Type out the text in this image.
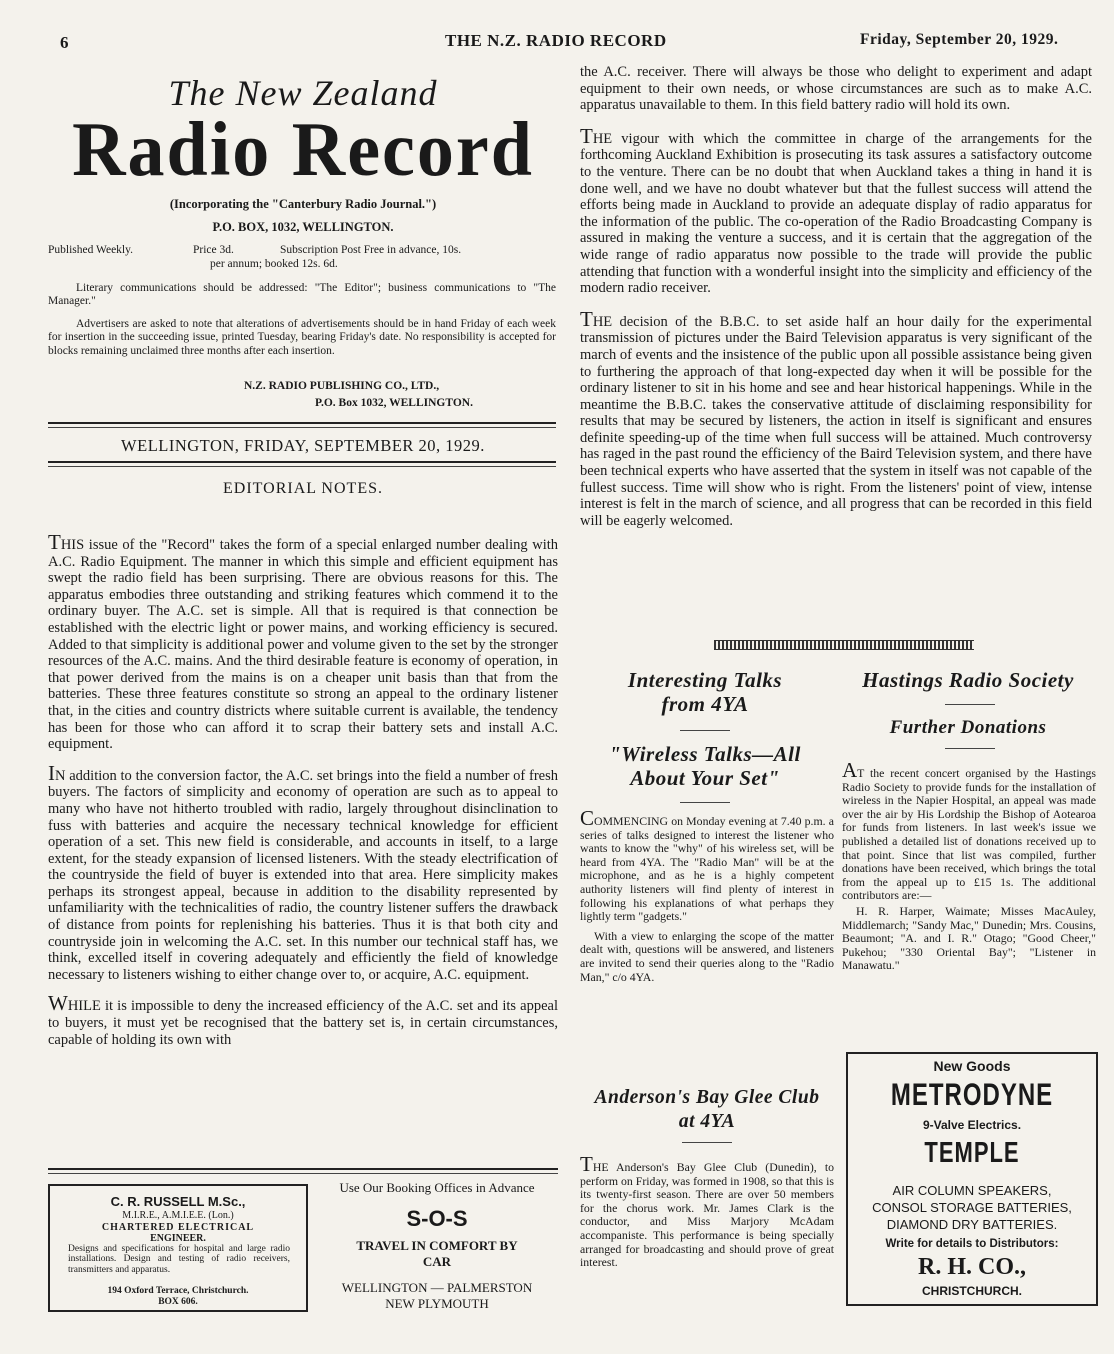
6	THE N.Z. RADIO RECORD	Friday, September 20, 1929.
The New Zealand
Radio Record
(Incorporating the "Canterbury Radio Journal.")
P.O. BOX, 1032, WELLINGTON.
Published Weekly.	Price 3d.	Subscription Post Free in advance, 10s.
per annum; booked 12s. 6d.
Literary communications should be addressed: "The Editor"; business communications to "The Manager."
Advertisers are asked to note that alterations of advertisements should be in hand Friday of each week for insertion in the succeeding issue, printed Tuesday, bearing Friday's date. No responsibility is accepted for blocks remaining unclaimed three months after each insertion.
N.Z. RADIO PUBLISHING CO., LTD.,
P.O. Box 1032, WELLINGTON.
WELLINGTON, FRIDAY, SEPTEMBER 20, 1929.
EDITORIAL NOTES.

THIS issue of the "Record" takes the form of a special enlarged number dealing with A.C. Radio Equipment. The manner in which this simple and efficient equipment has swept the radio field has been surprising. There are obvious reasons for this. The apparatus embodies three outstanding and striking features which commend it to the ordinary buyer. The A.C. set is simple. All that is required is that connection be established with the electric light or power mains, and working efficiency is secured. Added to that simplicity is additional power and volume given to the set by the stronger resources of the A.C. mains. And the third desirable feature is economy of operation, in that power derived from the mains is on a cheaper unit basis than that from the batteries. These three features constitute so strong an appeal to the ordinary listener that, in the cities and country districts where suitable current is available, the tendency has been for those who can afford it to scrap their battery sets and install A.C. equipment.

IN addition to the conversion factor, the A.C. set brings into the field a number of fresh buyers. The factors of simplicity and economy of operation are such as to appeal to many who have not hitherto troubled with radio, largely throughout disinclination to fuss with batteries and acquire the necessary technical knowledge for efficient operation of a set. This new field is considerable, and accounts in itself, to a large extent, for the steady expansion of licensed listeners. With the steady electrification of the countryside the field of buyer is extended into that area. Here simplicity makes perhaps its strongest appeal, because in addition to the disability represented by unfamiliarity with the technicalities of radio, the country listener suffers the drawback of distance from points for replenishing his batteries. Thus it is that both city and countryside join in welcoming the A.C. set. In this number our technical staff has, we think, excelled itself in covering adequately and efficiently the field of knowledge necessary to listeners wishing to either change over to, or acquire, A.C. equipment.

WHILE it is impossible to deny the increased efficiency of the A.C. set and its appeal to buyers, it must yet be recognised that the battery set is, in certain circumstances, capable of holding its own with

the A.C. receiver. There will always be those who delight to experiment and adapt equipment to their own needs, or whose circumstances are such as to make A.C. apparatus unavailable to them. In this field battery radio will hold its own.

THE vigour with which the committee in charge of the arrangements for the forthcoming Auckland Exhibition is prosecuting its task assures a satisfactory outcome to the venture. There can be no doubt that when Auckland takes a thing in hand it is done well, and we have no doubt whatever but that the fullest success will attend the efforts being made in Auckland to provide an adequate display of radio apparatus for the information of the public. The co-operation of the Radio Broadcasting Company is assured in making the venture a success, and it is certain that the aggregation of the wide range of radio apparatus now possible to the trade will provide the public attending that function with a wonderful insight into the simplicity and efficiency of the modern radio receiver.

THE decision of the B.B.C. to set aside half an hour daily for the experimental transmission of pictures under the Baird Television apparatus is very significant of the march of events and the insistence of the public upon all possible assistance being given to furthering the approach of that long-expected day when it will be possible for the ordinary listener to sit in his home and see and hear historical happenings. While in the meantime the B.B.C. takes the conservative attitude of disclaiming responsibility for results that may be secured by listeners, the action in itself is significant and ensures definite speeding-up of the time when full success will be attained. Much controversy has raged in the past round the efficiency of the Baird Television system, and there have been technical experts who have asserted that the system in itself was not capable of the fullest success. Time will show who is right. From the listeners' point of view, intense interest is felt in the march of science, and all progress that can be recorded in this field will be eagerly welcomed.

Interesting Talks
from 4YA
"Wireless Talks—All
About Your Set"

COMMENCING on Monday evening at 7.40 p.m. a series of talks designed to interest the listener who wants to know the "why" of his wireless set, will be heard from 4YA. The "Radio Man" will be at the microphone, and as he is a highly competent authority listeners will find plenty of interest in following his explanations of what perhaps they lightly term "gadgets."

With a view to enlarging the scope of the matter dealt with, questions will be answered, and listeners are invited to send their queries along to the "Radio Man," c/o 4YA.

Hastings Radio Society
Further Donations

AT the recent concert organised by the Hastings Radio Society to provide funds for the installation of wireless in the Napier Hospital, an appeal was made over the air by His Lordship the Bishop of Aotearoa for funds from listeners. In last week's issue we published a detailed list of donations received up to that point. Since that list was compiled, further donations have been received, which brings the total from the appeal up to £15 1s. The additional contributors are:—

H. R. Harper, Waimate; Misses MacAuley, Middlemarch; "Sandy Mac," Dunedin; Mrs. Cousins, Beaumont; "A. and I. R." Otago; "Good Cheer," Pukehou; "330 Oriental Bay"; "Listener in Manawatu."

Anderson's Bay Glee Club
at 4YA

THE Anderson's Bay Glee Club (Dunedin), to perform on Friday, was formed in 1908, so that this is its twenty-first season. There are over 50 members for the chorus work. Mr. James Clark is the conductor, and Miss Marjory McAdam accompaniste. This performance is being specially arranged for broadcasting and should prove of great interest.

New Goods
METRODYNE
9-Valve Electrics.
TEMPLE
AIR COLUMN SPEAKERS,
CONSOL STORAGE BATTERIES,
DIAMOND DRY BATTERIES.
Write for details to Distributors:
R. H. CO.,
CHRISTCHURCH.
C. R. RUSSELL M.Sc.,
M.I.R.E., A.M.I.E.E. (Lon.)
CHARTERED ELECTRICAL
ENGINEER.
Designs and specifications for hospital and large radio installations. Design and testing of radio receivers, transmitters and apparatus.
194 Oxford Terrace, Christchurch.
BOX 606.
Use Our Booking Offices in Advance
S-O-S
TRAVEL IN COMFORT BY
CAR
WELLINGTON — PALMERSTON
NEW PLYMOUTH
